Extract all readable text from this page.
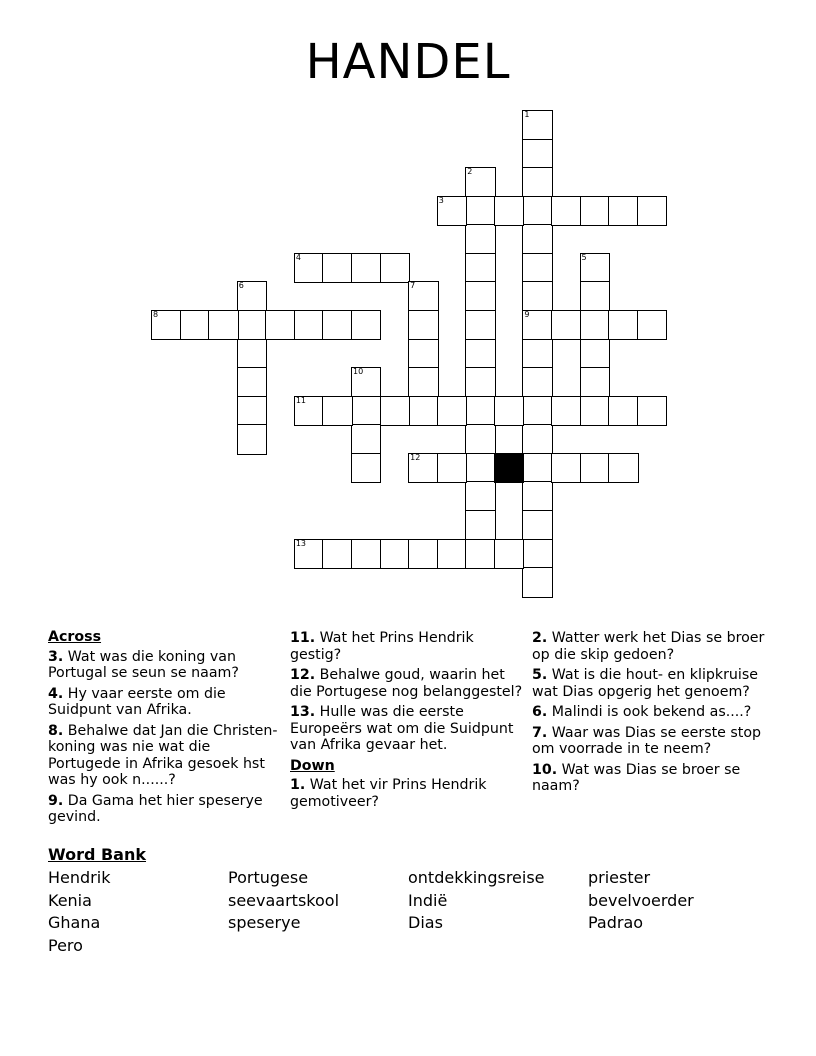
HANDEL
1
9
2
3
4	5
6	7
8
10
11
12
13
Across
3. Wat was die koning van Portugal se seun se naam?
4. Hy vaar eerste om die Suidpunt van Afrika.
8. Behalwe dat Jan die Christen-koning was nie wat die Portugede in Afrika gesoek hst was hy ook n......?
9. Da Gama het hier speserye gevind.
11. Wat het Prins Hendrik gestig?
12. Behalwe goud, waarin het die Portugese nog belanggestel?
13. Hulle was die eerste Europeërs wat om die Suidpunt van Afrika gevaar het.
Down
1. Wat het vir Prins Hendrik gemotiveer?
2. Watter werk het Dias se broer op die skip gedoen?
5. Wat is die hout- en klipkruise wat Dias opgerig het genoem?
6. Malindi is ook bekend as....?
7. Waar was Dias se eerste stop om voorrade in te neem?
10. Wat was Dias se broer se naam?
Word Bank
Hendrik	Portugese	ontdekkingsreise	priester
Kenia	seevaartskool	Indië	bevelvoerder
Ghana	speserye	Dias	Padrao
Pero
